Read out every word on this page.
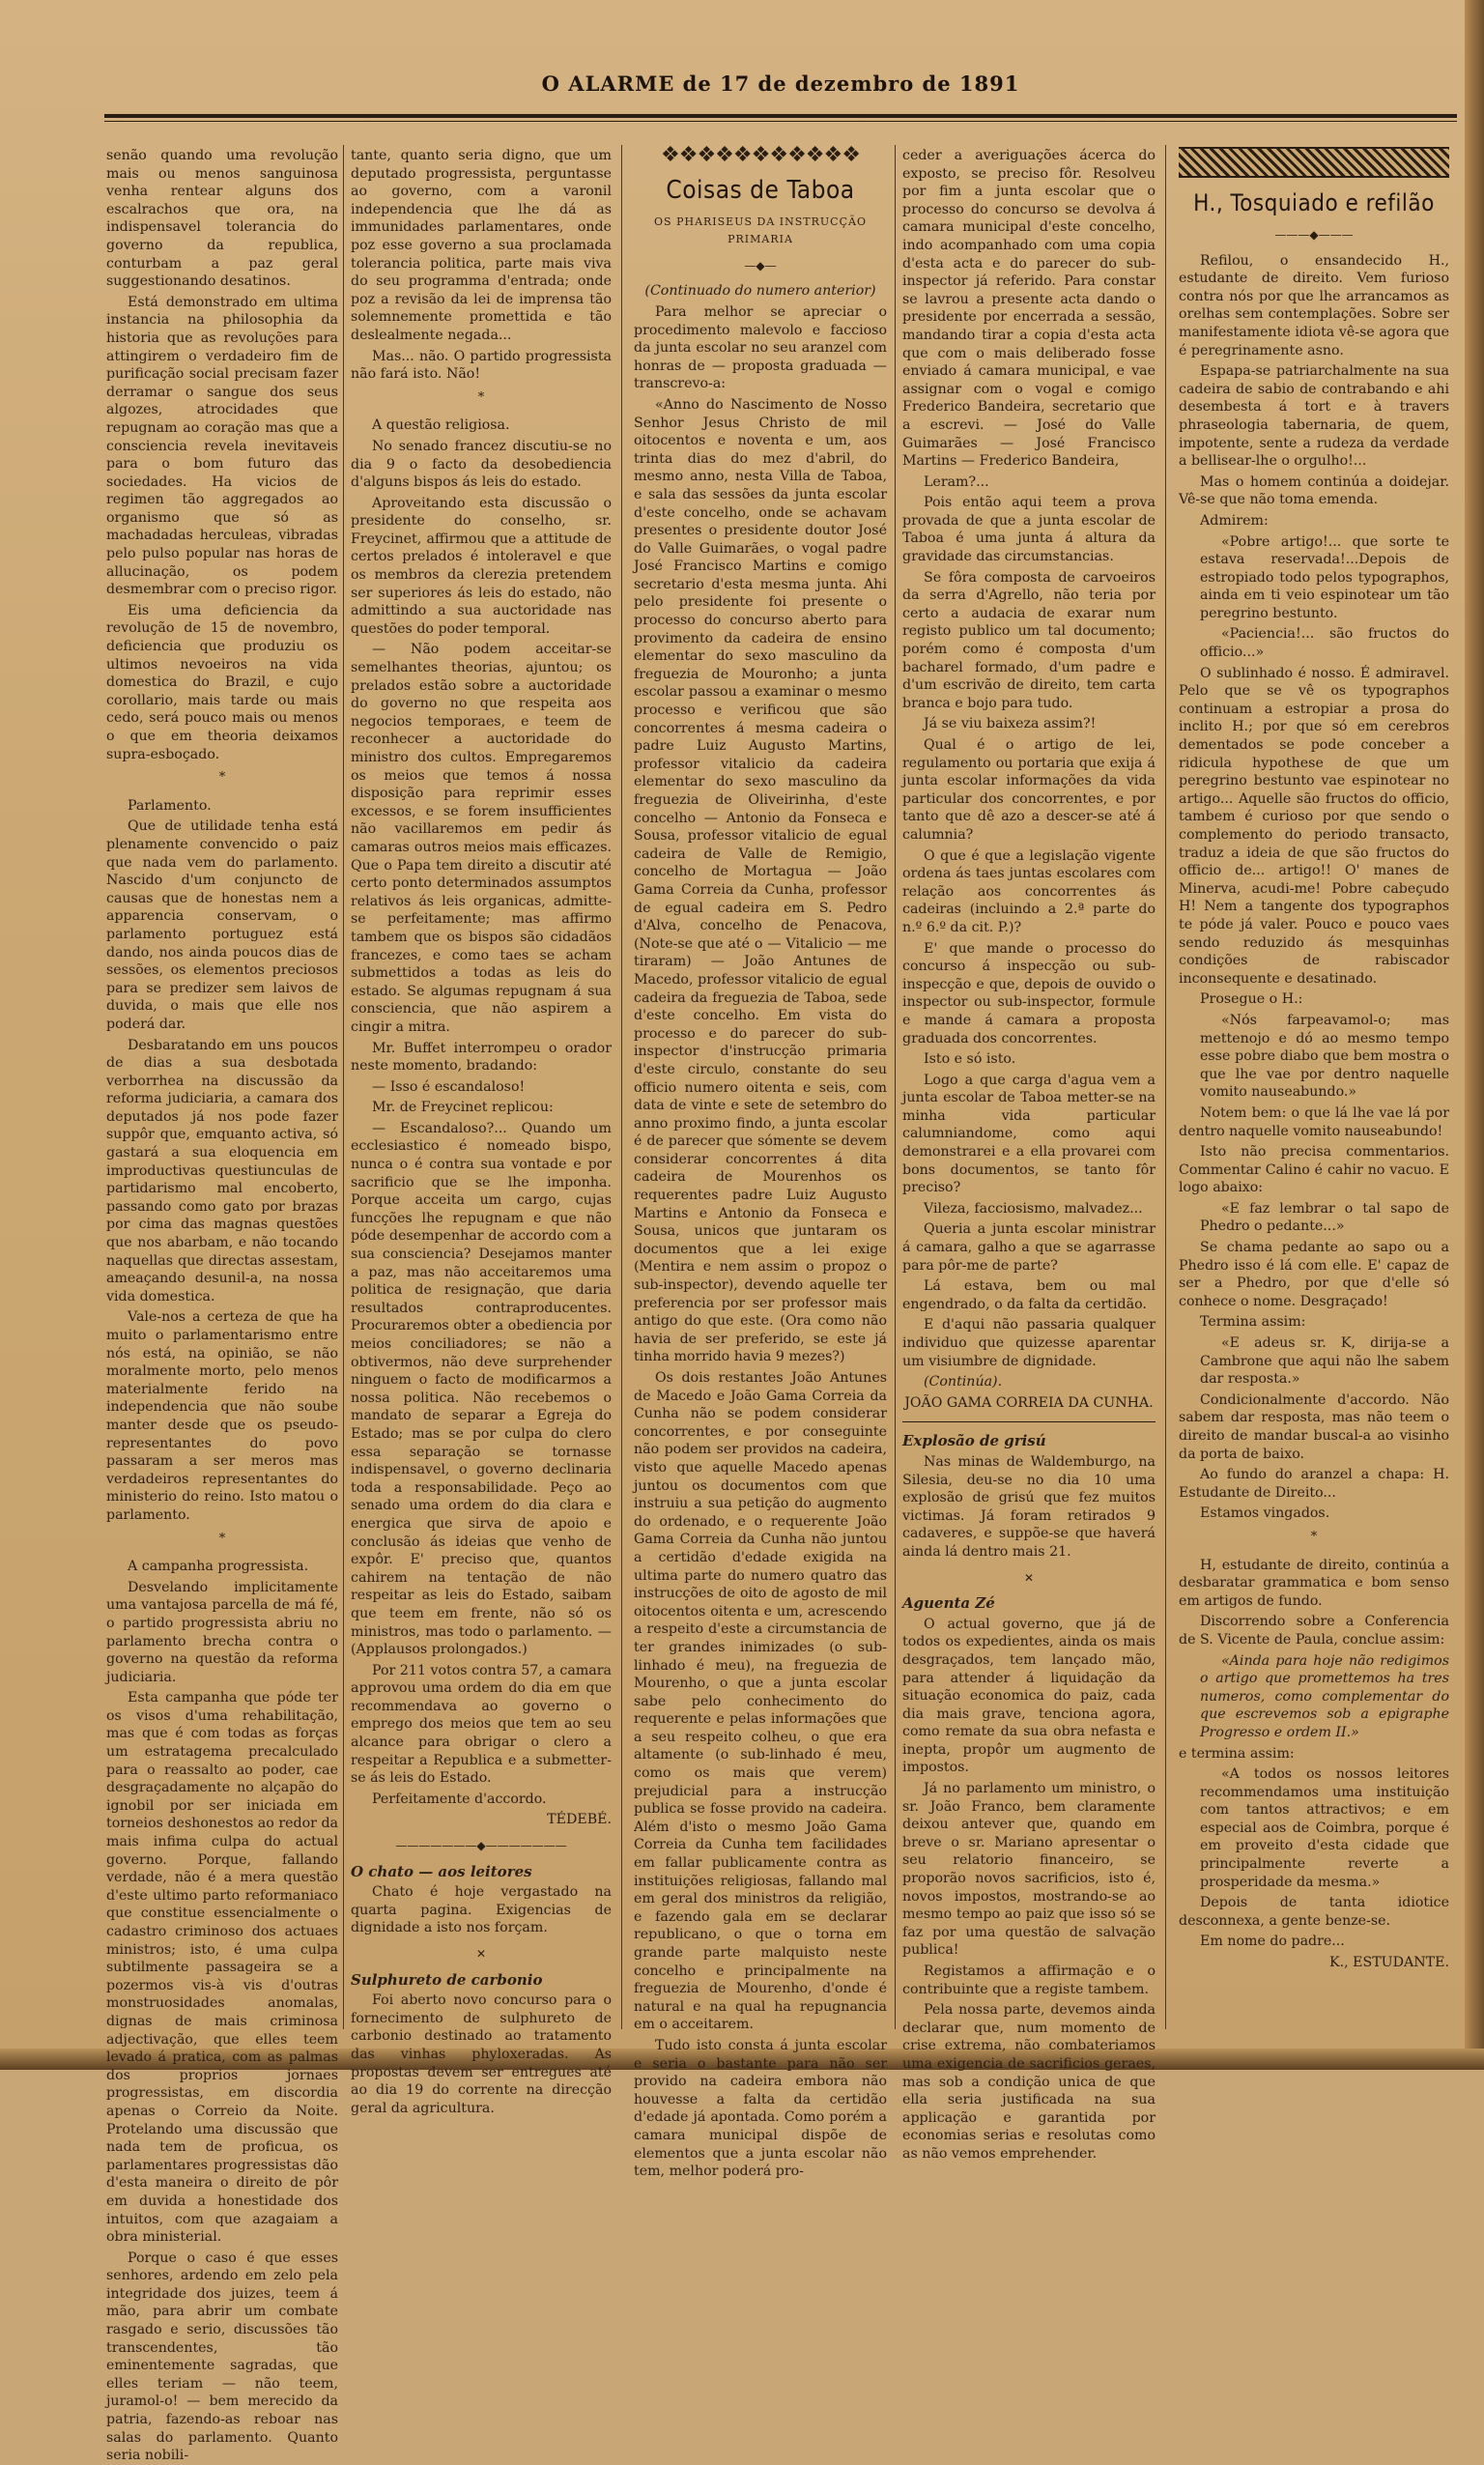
O ALARME de 17 de dezembro de 1891

senão quando uma revolução mais ou menos sanguinosa venha rentear alguns dos escalrachos que ora, na indispensavel tolerancia do governo da republica, conturbam a paz geral suggestionando desatinos.

Está demonstrado em ultima instancia na philosophia da historia que as revoluções para attingirem o verdadeiro fim de purificação social precisam fazer derramar o sangue dos seus algozes, atrocidades que repugnam ao coração mas que a consciencia revela inevitaveis para o bom futuro das sociedades. Ha vicios de regimen tão aggregados ao organismo que só as machadadas herculeas, vibradas pelo pulso popular nas horas de allucinação, os podem desmembrar com o preciso rigor.

Eis uma deficiencia da revolução de 15 de novembro, deficiencia que produziu os ultimos nevoeiros na vida domestica do Brazil, e cujo corollario, mais tarde ou mais cedo, será pouco mais ou menos o que em theoria deixamos supra-esboçado.

*

Parlamento.

Que de utilidade tenha está plenamente convencido o paiz que nada vem do parlamento. Nascido d'um conjuncto de causas que de honestas nem a apparencia conservam, o parlamento portuguez está dando, nos ainda poucos dias de sessões, os elementos preciosos para se predizer sem laivos de duvida, o mais que elle nos poderá dar.

Desbaratando em uns poucos de dias a sua desbotada verborrhea na discussão da reforma judiciaria, a camara dos deputados já nos pode fazer suppôr que, emquanto activa, só gastará a sua eloquencia em improductivas questiunculas de partidarismo mal encoberto, passando como gato por brazas por cima das magnas questões que nos abarbam, e não tocando naquellas que directas assestam, ameaçando desunil-a, na nossa vida domestica.

Vale-nos a certeza de que ha muito o parlamentarismo entre nós está, na opinião, se não moralmente morto, pelo menos materialmente ferido na independencia que não soube manter desde que os pseudo-representantes do povo passaram a ser meros mas verdadeiros representantes do ministerio do reino. Isto matou o parlamento.

*

A campanha progressista.

Desvelando implicitamente uma vantajosa parcella de má fé, o partido progressista abriu no parlamento brecha contra o governo na questão da reforma judiciaria.

Esta campanha que póde ter os visos d'uma rehabilitação, mas que é com todas as forças um estratagema precalculado para o reassalto ao poder, cae desgraçadamente no alçapão do ignobil por ser iniciada em torneios deshonestos ao redor da mais infima culpa do actual governo. Porque, fallando verdade, não é a mera questão d'este ultimo parto reformaniaco que constitue essencialmente o cadastro criminoso dos actuaes ministros; isto, é uma culpa subtilmente passageira se a pozermos vis-à vis d'outras monstruosidades anomalas, dignas de mais criminosa adjectivação, que elles teem levado á pratica, com as palmas dos proprios jornaes progressistas, em discordia apenas o Correio da Noite. Protelando uma discussão que nada tem de proficua, os parlamentares progressistas dão d'esta maneira o direito de pôr em duvida a honestidade dos intuitos, com que azagaiam a obra ministerial.

Porque o caso é que esses senhores, ardendo em zelo pela integridade dos juizes, teem á mão, para abrir um combate rasgado e serio, discussões tão transcendentes, tão eminentemente sagradas, que elles teriam — não teem, juramol-o! — bem merecido da patria, fazendo-as reboar nas salas do parlamento. Quanto seria nobili-

tante, quanto seria digno, que um deputado progressista, perguntasse ao governo, com a varonil independencia que lhe dá as immunidades parlamentares, onde poz esse governo a sua proclamada tolerancia politica, parte mais viva do seu programma d'entrada; onde poz a revisão da lei de imprensa tão solemnemente promettida e tão deslealmente negada...

Mas... não. O partido progressista não fará isto. Não!

*

A questão religiosa.

No senado francez discutiu-se no dia 9 o facto da desobediencia d'alguns bispos ás leis do estado.

Aproveitando esta discussão o presidente do conselho, sr. Freycinet, affirmou que a attitude de certos prelados é intoleravel e que os membros da clerezia pretendem ser superiores ás leis do estado, não admittindo a sua auctoridade nas questões do poder temporal.

— Não podem acceitar-se semelhantes theorias, ajuntou; os prelados estão sobre a auctoridade do governo no que respeita aos negocios temporaes, e teem de reconhecer a auctoridade do ministro dos cultos. Empregaremos os meios que temos á nossa disposição para reprimir esses excessos, e se forem insufficientes não vacillaremos em pedir ás camaras outros meios mais efficazes. Que o Papa tem direito a discutir até certo ponto determinados assumptos relativos ás leis organicas, admitte-se perfeitamente; mas affirmo tambem que os bispos são cidadãos francezes, e como taes se acham submettidos a todas as leis do estado. Se algumas repugnam á sua consciencia, que não aspirem a cingir a mitra.

Mr. Buffet interrompeu o orador neste momento, bradando:

— Isso é escandaloso!

Mr. de Freycinet replicou:

— Escandaloso?... Quando um ecclesiastico é nomeado bispo, nunca o é contra sua vontade e por sacrificio que se lhe imponha. Porque acceita um cargo, cujas funcções lhe repugnam e que não póde desempenhar de accordo com a sua consciencia? Desejamos manter a paz, mas não acceitaremos uma politica de resignação, que daria resultados contraproducentes. Procuraremos obter a obediencia por meios conciliadores; se não a obtivermos, não deve surprehender ninguem o facto de modificarmos a nossa politica. Não recebemos o mandato de separar a Egreja do Estado; mas se por culpa do clero essa separação se tornasse indispensavel, o governo declinaria toda a responsabilidade. Peço ao senado uma ordem do dia clara e energica que sirva de apoio e conclusão ás ideias que venho de expôr. E' preciso que, quantos cahirem na tentação de não respeitar as leis do Estado, saibam que teem em frente, não só os ministros, mas todo o parlamento. — (Applausos prolongados.)

Por 211 votos contra 57, a camara approvou uma ordem do dia em que recommendava ao governo o emprego dos meios que tem ao seu alcance para obrigar o clero a respeitar a Republica e a submetter-se ás leis do Estado.

Perfeitamente d'accordo.

TÉDEBÉ.

———————◆———————

O chato — aos leitores

Chato é hoje vergastado na quarta pagina. Exigencias de dignidade a isto nos forçam.

✕

Sulphureto de carbonio

Foi aberto novo concurso para o fornecimento de sulphureto de carbonio destinado ao tratamento das vinhas phyloxeradas. As propostas devem ser entregues até ao dia 19 do corrente na direcção geral da agricultura.

❖❖❖❖❖❖❖❖❖❖❖
Coisas de Taboa
OS PHARISEUS DA INSTRUCÇÃO PRIMARIA
—◆—

(Continuado do numero anterior)

Para melhor se apreciar o procedimento malevolo e faccioso da junta escolar no seu aranzel com honras de — proposta graduada — transcrevo-a:

«Anno do Nascimento de Nosso Senhor Jesus Christo de mil oitocentos e noventa e um, aos trinta dias do mez d'abril, do mesmo anno, nesta Villa de Taboa, e sala das sessões da junta escolar d'este concelho, onde se achavam presentes o presidente doutor José do Valle Guimarães, o vogal padre José Francisco Martins e comigo secretario d'esta mesma junta. Ahi pelo presidente foi presente o processo do concurso aberto para provimento da cadeira de ensino elementar do sexo masculino da freguezia de Mouronho; a junta escolar passou a examinar o mesmo processo e verificou que são concorrentes á mesma cadeira o padre Luiz Augusto Martins, professor vitalicio da cadeira elementar do sexo masculino da freguezia de Oliveirinha, d'este concelho — Antonio da Fonseca e Sousa, professor vitalicio de egual cadeira de Valle de Remigio, concelho de Mortagua — João Gama Correia da Cunha, professor de egual cadeira em S. Pedro d'Alva, concelho de Penacova, (Note-se que até o — Vitalicio — me tiraram) — João Antunes de Macedo, professor vitalicio de egual cadeira da freguezia de Taboa, sede d'este concelho. Em vista do processo e do parecer do sub-inspector d'instrucção primaria d'este circulo, constante do seu officio numero oitenta e seis, com data de vinte e sete de setembro do anno proximo findo, a junta escolar é de parecer que sómente se devem considerar concorrentes á dita cadeira de Mourenhos os requerentes padre Luiz Augusto Martins e Antonio da Fonseca e Sousa, unicos que juntaram os documentos que a lei exige (Mentira e nem assim o propoz o sub-inspector), devendo aquelle ter preferencia por ser professor mais antigo do que este. (Ora como não havia de ser preferido, se este já tinha morrido havia 9 mezes?)

Os dois restantes João Antunes de Macedo e João Gama Correia da Cunha não se podem considerar concorrentes, e por conseguinte não podem ser providos na cadeira, visto que aquelle Macedo apenas juntou os documentos com que instruiu a sua petição do augmento do ordenado, e o requerente João Gama Correia da Cunha não juntou a certidão d'edade exigida na ultima parte do numero quatro das instrucções de oito de agosto de mil oitocentos oitenta e um, acrescendo a respeito d'este a circumstancia de ter grandes inimizades (o sub-linhado é meu), na freguezia de Mourenho, o que a junta escolar sabe pelo conhecimento do requerente e pelas informações que a seu respeito colheu, o que era altamente (o sub-linhado é meu, como os mais que verem) prejudicial para a instrucção publica se fosse provido na cadeira. Além d'isto o mesmo João Gama Correia da Cunha tem facilidades em fallar publicamente contra as instituições religiosas, fallando mal em geral dos ministros da religião, e fazendo gala em se declarar republicano, o que o torna em grande parte malquisto neste concelho e principalmente na freguezia de Mourenho, d'onde é natural e na qual ha repugnancia em o acceitarem.

Tudo isto consta á junta escolar e seria o bastante para não ser provido na cadeira embora não houvesse a falta da certidão d'edade já apontada. Como porém a camara municipal dispõe de elementos que a junta escolar não tem, melhor poderá pro-

ceder a averiguações ácerca do exposto, se preciso fôr. Resolveu por fim a junta escolar que o processo do concurso se devolva á camara municipal d'este concelho, indo acompanhado com uma copia d'esta acta e do parecer do sub-inspector já referido. Para constar se lavrou a presente acta dando o presidente por encerrada a sessão, mandando tirar a copia d'esta acta que com o mais deliberado fosse enviado á camara municipal, e vae assignar com o vogal e comigo Frederico Bandeira, secretario que a escrevi. — José do Valle Guimarães — José Francisco Martins — Frederico Bandeira,

Leram?...

Pois então aqui teem a prova provada de que a junta escolar de Taboa é uma junta á altura da gravidade das circumstancias.

Se fôra composta de carvoeiros da serra d'Agrello, não teria por certo a audacia de exarar num registo publico um tal documento; porém como é composta d'um bacharel formado, d'um padre e d'um escrivão de direito, tem carta branca e bojo para tudo.

Já se viu baixeza assim?!

Qual é o artigo de lei, regulamento ou portaria que exija á junta escolar informações da vida particular dos concorrentes, e por tanto que dê azo a descer-se até á calumnia?

O que é que a legislação vigente ordena ás taes juntas escolares com relação aos concorrentes ás cadeiras (incluindo a 2.ª parte do n.º 6.º da cit. P.)?

E' que mande o processo do concurso á inspecção ou sub-inspecção e que, depois de ouvido o inspector ou sub-inspector, formule e mande á camara a proposta graduada dos concorrentes.

Isto e só isto.

Logo a que carga d'agua vem a junta escolar de Taboa metter-se na minha vida particular calumniandome, como aqui demonstrarei e a ella provarei com bons documentos, se tanto fôr preciso?

Vileza, facciosismo, malvadez...

Queria a junta escolar ministrar á camara, galho a que se agarrasse para pôr-me de parte?

Lá estava, bem ou mal engendrado, o da falta da certidão.

E d'aqui não passaria qualquer individuo que quizesse aparentar um visiumbre de dignidade.

(Continúa).

JOÃO GAMA CORREIA DA CUNHA.

Explosão de grisú

Nas minas de Waldemburgo, na Silesia, deu-se no dia 10 uma explosão de grisú que fez muitos victimas. Já foram retirados 9 cadaveres, e suppõe-se que haverá ainda lá dentro mais 21.

✕

Aguenta Zé

O actual governo, que já de todos os expedientes, ainda os mais desgraçados, tem lançado mão, para attender á liquidação da situação economica do paiz, cada dia mais grave, tenciona agora, como remate da sua obra nefasta e inepta, propôr um augmento de impostos.

Já no parlamento um ministro, o sr. João Franco, bem claramente deixou antever que, quando em breve o sr. Mariano apresentar o seu relatorio financeiro, se proporão novos sacrificios, isto é, novos impostos, mostrando-se ao mesmo tempo ao paiz que isso só se faz por uma questão de salvação publica!

Registamos a affirmação e o contribuinte que a registe tambem.

Pela nossa parte, devemos ainda declarar que, num momento de crise extrema, não combateriamos uma exigencia de sacrificios geraes, mas sob a condição unica de que ella seria justificada na sua applicação e garantida por economias serias e resolutas como as não vemos emprehender.

H., Tosquiado e refilão
———◆———

Refilou, o ensandecido H., estudante de direito. Vem furioso contra nós por que lhe arrancamos as orelhas sem contemplações. Sobre ser manifestamente idiota vê-se agora que é peregrinamente asno.

Espapa-se patriarchalmente na sua cadeira de sabio de contrabando e ahi desembesta á tort e à travers phraseologia tabernaria, de quem, impotente, sente a rudeza da verdade a bellisear-lhe o orgulho!...

Mas o homem continúa a doidejar. Vê-se que não toma emenda.

Admirem:

«Pobre artigo!... que sorte te estava reservada!...Depois de estropiado todo pelos typographos, ainda em ti veio espinotear um tão peregrino bestunto.

«Paciencia!... são fructos do officio...»

O sublinhado é nosso. É admiravel. Pelo que se vê os typographos continuam a estropiar a prosa do inclito H.; por que só em cerebros dementados se pode conceber a ridicula hypothese de que um peregrino bestunto vae espinotear no artigo... Aquelle são fructos do officio, tambem é curioso por que sendo o complemento do periodo transacto, traduz a ideia de que são fructos do officio de... artigo!! O' manes de Minerva, acudi-me! Pobre cabeçudo H! Nem a tangente dos typographos te póde já valer. Pouco e pouco vaes sendo reduzido ás mesquinhas condições de rabiscador inconsequente e desatinado.

Prosegue o H.:

«Nós farpeavamol-o; mas mettenojo e dó ao mesmo tempo esse pobre diabo que bem mostra o que lhe vae por dentro naquelle vomito nauseabundo.»

Notem bem: o que lá lhe vae lá por dentro naquelle vomito nauseabundo!

Isto não precisa commentarios. Commentar Calino é cahir no vacuo. E logo abaixo:

«E faz lembrar o tal sapo de Phedro o pedante...»

Se chama pedante ao sapo ou a Phedro isso é lá com elle. E' capaz de ser a Phedro, por que d'elle só conhece o nome. Desgraçado!

Termina assim:

«E adeus sr. K, dirija-se a Cambrone que aqui não lhe sabem dar resposta.»

Condicionalmente d'accordo. Não sabem dar resposta, mas não teem o direito de mandar buscal-a ao visinho da porta de baixo.

Ao fundo do aranzel a chapa: H. Estudante de Direito...

Estamos vingados.

*

H, estudante de direito, continúa a desbaratar grammatica e bom senso em artigos de fundo.

Discorrendo sobre a Conferencia de S. Vicente de Paula, conclue assim:

«Ainda para hoje não redigimos o artigo que promettemos ha tres numeros, como complementar do que escrevemos sob a epigraphe Progresso e ordem II.»

e termina assim:

«A todos os nossos leitores recommendamos uma instituição com tantos attractivos; e em especial aos de Coimbra, porque é em proveito d'esta cidade que principalmente reverte a prosperidade da mesma.»

Depois de tanta idiotice desconnexa, a gente benze-se.

Em nome do padre...

K., ESTUDANTE.
